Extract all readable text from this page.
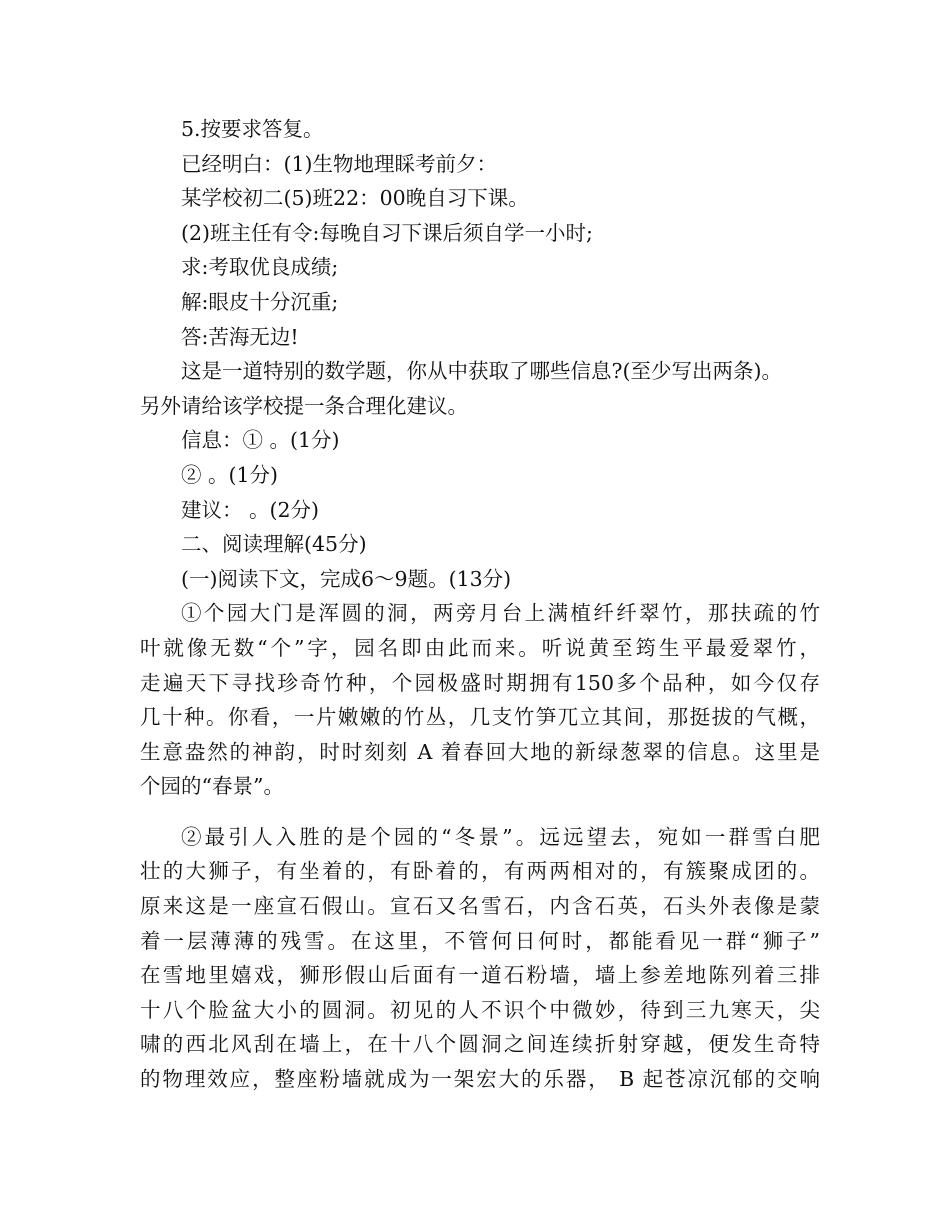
5.按要求答复。
已经明白：(1)生物地理睬考前夕：
某学校初二(5)班22：00晚自习下课。
(2)班主任有令:每晚自习下课后须自学一小时;
求:考取优良成绩;
解:眼皮十分沉重;
答:苦海无边!
这是一道特别的数学题，你从中获取了哪些信息?(至少写出两条)。
另外请给该学校提一条合理化建议。
信息：① 。(1分)
② 。(1分)
建议： 。(2分)
二、阅读理解(45分)
(一)阅读下文，完成6～9题。(13分)
①个园大门是浑圆的洞，两旁月台上满植纤纤翠竹，那扶疏的竹
叶就像无数“个”字，园名即由此而来。听说黄至筠生平最爱翠竹，
走遍天下寻找珍奇竹种，个园极盛时期拥有150多个品种，如今仅存
几十种。你看，一片嫩嫩的竹丛，几支竹笋兀立其间，那挺拔的气概，
生意盎然的神韵，时时刻刻 A 着春回大地的新绿葱翠的信息。这里是
个园的“春景”。
②最引人入胜的是个园的“冬景”。远远望去，宛如一群雪白肥
壮的大狮子，有坐着的，有卧着的，有两两相对的，有簇聚成团的。
原来这是一座宣石假山。宣石又名雪石，内含石英，石头外表像是蒙
着一层薄薄的残雪。在这里，不管何日何时，都能看见一群“狮子”
在雪地里嬉戏，狮形假山后面有一道石粉墙，墙上参差地陈列着三排
十八个脸盆大小的圆洞。初见的人不识个中微妙，待到三九寒天，尖
啸的西北风刮在墙上，在十八个圆洞之间连续折射穿越，便发生奇特
的物理效应，整座粉墙就成为一架宏大的乐器， B 起苍凉沉郁的交响
